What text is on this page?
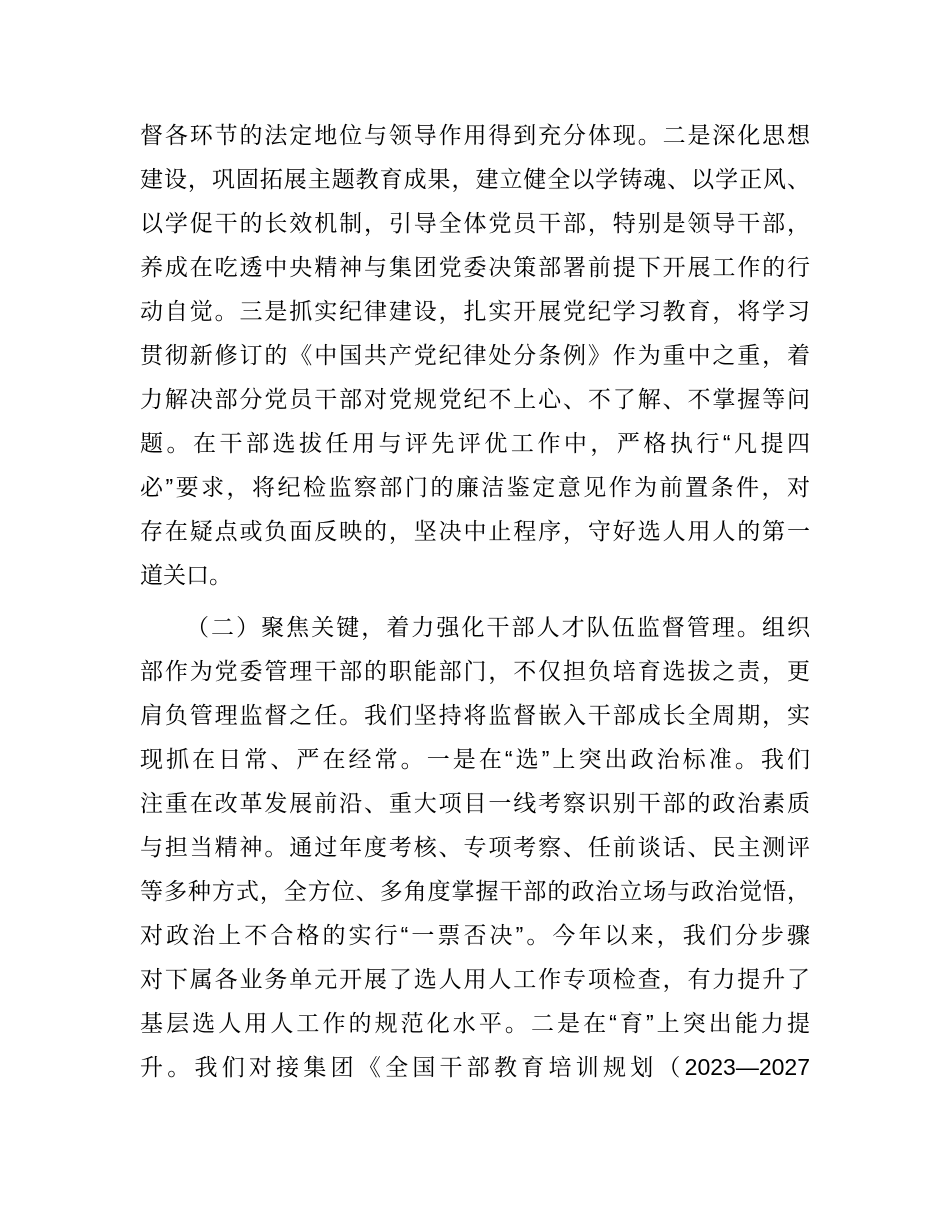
督各环节的法定地位与领导作用得到充分体现。二是深化思想
建设，巩固拓展主题教育成果，建立健全以学铸魂、以学正风、
以学促干的长效机制，引导全体党员干部，特别是领导干部，
养成在吃透中央精神与集团党委决策部署前提下开展工作的行
动自觉。三是抓实纪律建设，扎实开展党纪学习教育，将学习
贯彻新修订的《中国共产党纪律处分条例》作为重中之重，着
力解决部分党员干部对党规党纪不上心、不了解、不掌握等问
题。在干部选拔任用与评先评优工作中，严格执行“凡提四
必”要求，将纪检监察部门的廉洁鉴定意见作为前置条件，对
存在疑点或负面反映的，坚决中止程序，守好选人用人的第一
道关口。
（二）聚焦关键，着力强化干部人才队伍监督管理。组织
部作为党委管理干部的职能部门，不仅担负培育选拔之责，更
肩负管理监督之任。我们坚持将监督嵌入干部成长全周期，实
现抓在日常、严在经常。一是在“选”上突出政治标准。我们
注重在改革发展前沿、重大项目一线考察识别干部的政治素质
与担当精神。通过年度考核、专项考察、任前谈话、民主测评
等多种方式，全方位、多角度掌握干部的政治立场与政治觉悟，
对政治上不合格的实行“一票否决”。今年以来，我们分步骤
对下属各业务单元开展了选人用人工作专项检查，有力提升了
基层选人用人工作的规范化水平。二是在“育”上突出能力提
升。我们对接集团《全国干部教育培训规划（2023—2027
